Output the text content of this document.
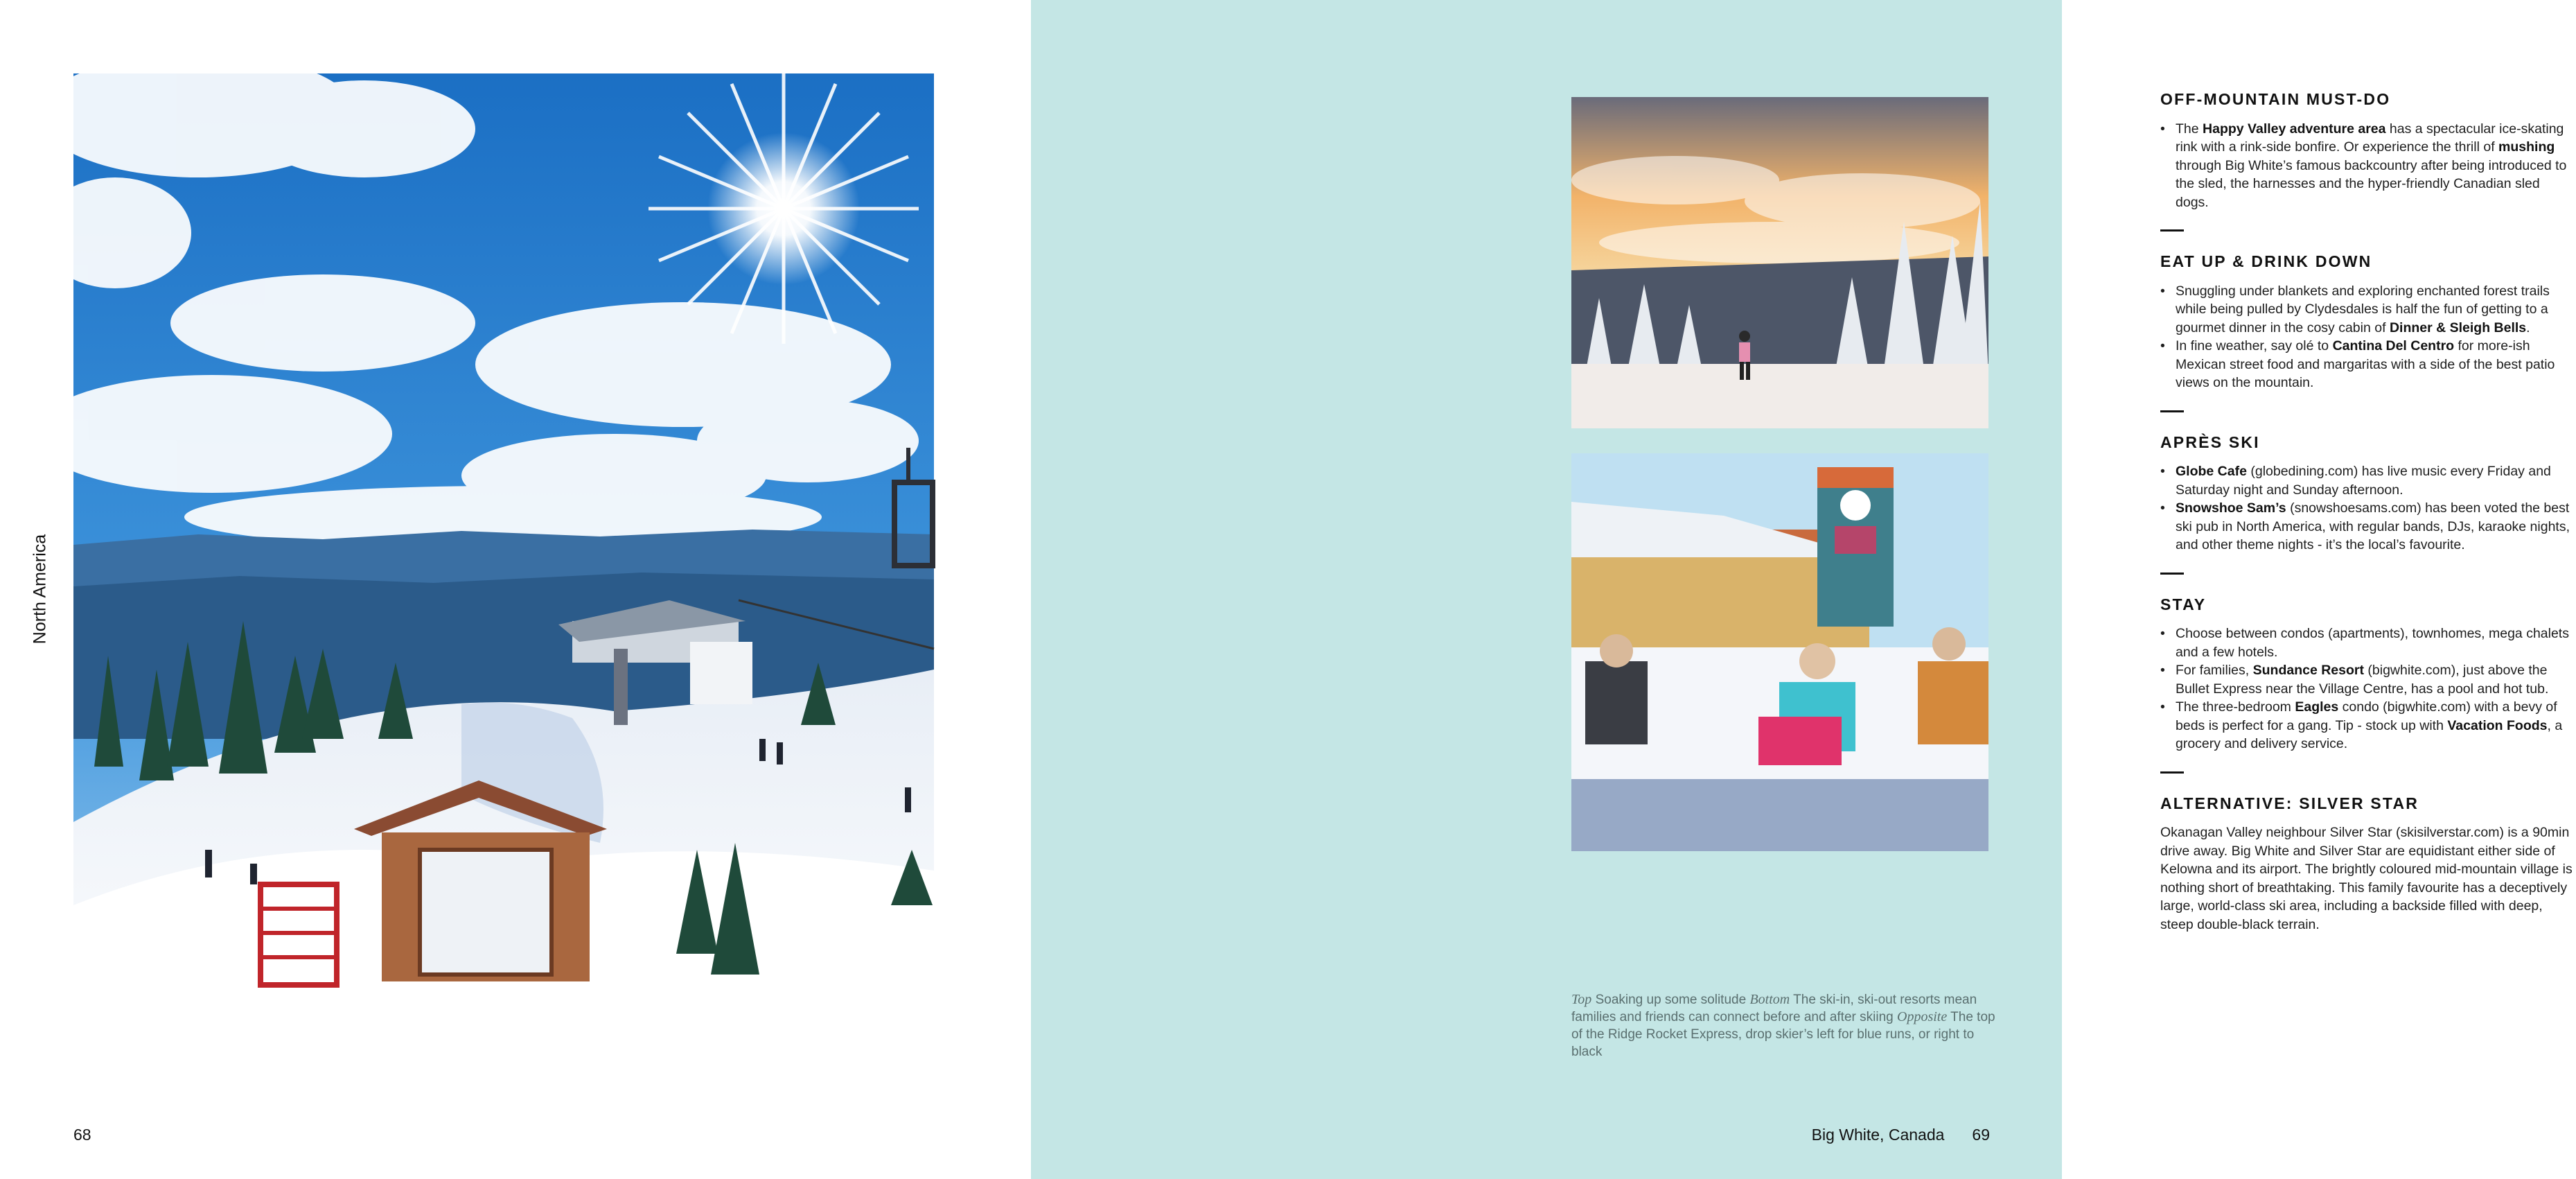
North America
68
OFF-MOUNTAIN MUST-DO
• The Happy Valley adventure area has a spectacular ice-skating rink with a rink-side bonfire. Or experience the thrill of mushing through Big White’s famous backcountry after being introduced to the sled, the harnesses and the hyper-friendly Canadian sled dogs.
EAT UP & DRINK DOWN
• Snuggling under blankets and exploring enchanted forest trails while being pulled by Clydesdales is half the fun of getting to a gourmet dinner in the cosy cabin of Dinner & Sleigh Bells.
• In fine weather, say olé to Cantina Del Centro for more-ish Mexican street food and margaritas with a side of the best patio views on the mountain.
APRÈS SKI
• Globe Cafe (globedining.com) has live music every Friday and Saturday night and Sunday afternoon.
• Snowshoe Sam’s (snowshoesams.com) has been voted the best ski pub in North America, with regular bands, DJs, karaoke nights, and other theme nights - it’s the local’s favourite.
STAY
• Choose between condos (apartments), townhomes, mega chalets and a few hotels.
• For families, Sundance Resort (bigwhite.com), just above the Bullet Express near the Village Centre, has a pool and hot tub.
• The three-bedroom Eagles condo (bigwhite.com) with a bevy of beds is perfect for a gang. Tip - stock up with Vacation Foods, a grocery and delivery service.
ALTERNATIVE: SILVER STAR

Okanagan Valley neighbour Silver Star (skisilverstar.com) is a 90min drive away. Big White and Silver Star are equidistant either side of Kelowna and its airport. The brightly coloured mid-mountain village is nothing short of breathtaking. This family favourite has a deceptively large, world-class ski area, including a backside filled with deep, steep double-black terrain.

Top Soaking up some solitude Bottom The ski-in, ski-out resorts mean families and friends can connect before and after skiing Opposite The top of the Ridge Rocket Express, drop skier’s left for blue runs, or right to black
Big White, Canada 69
